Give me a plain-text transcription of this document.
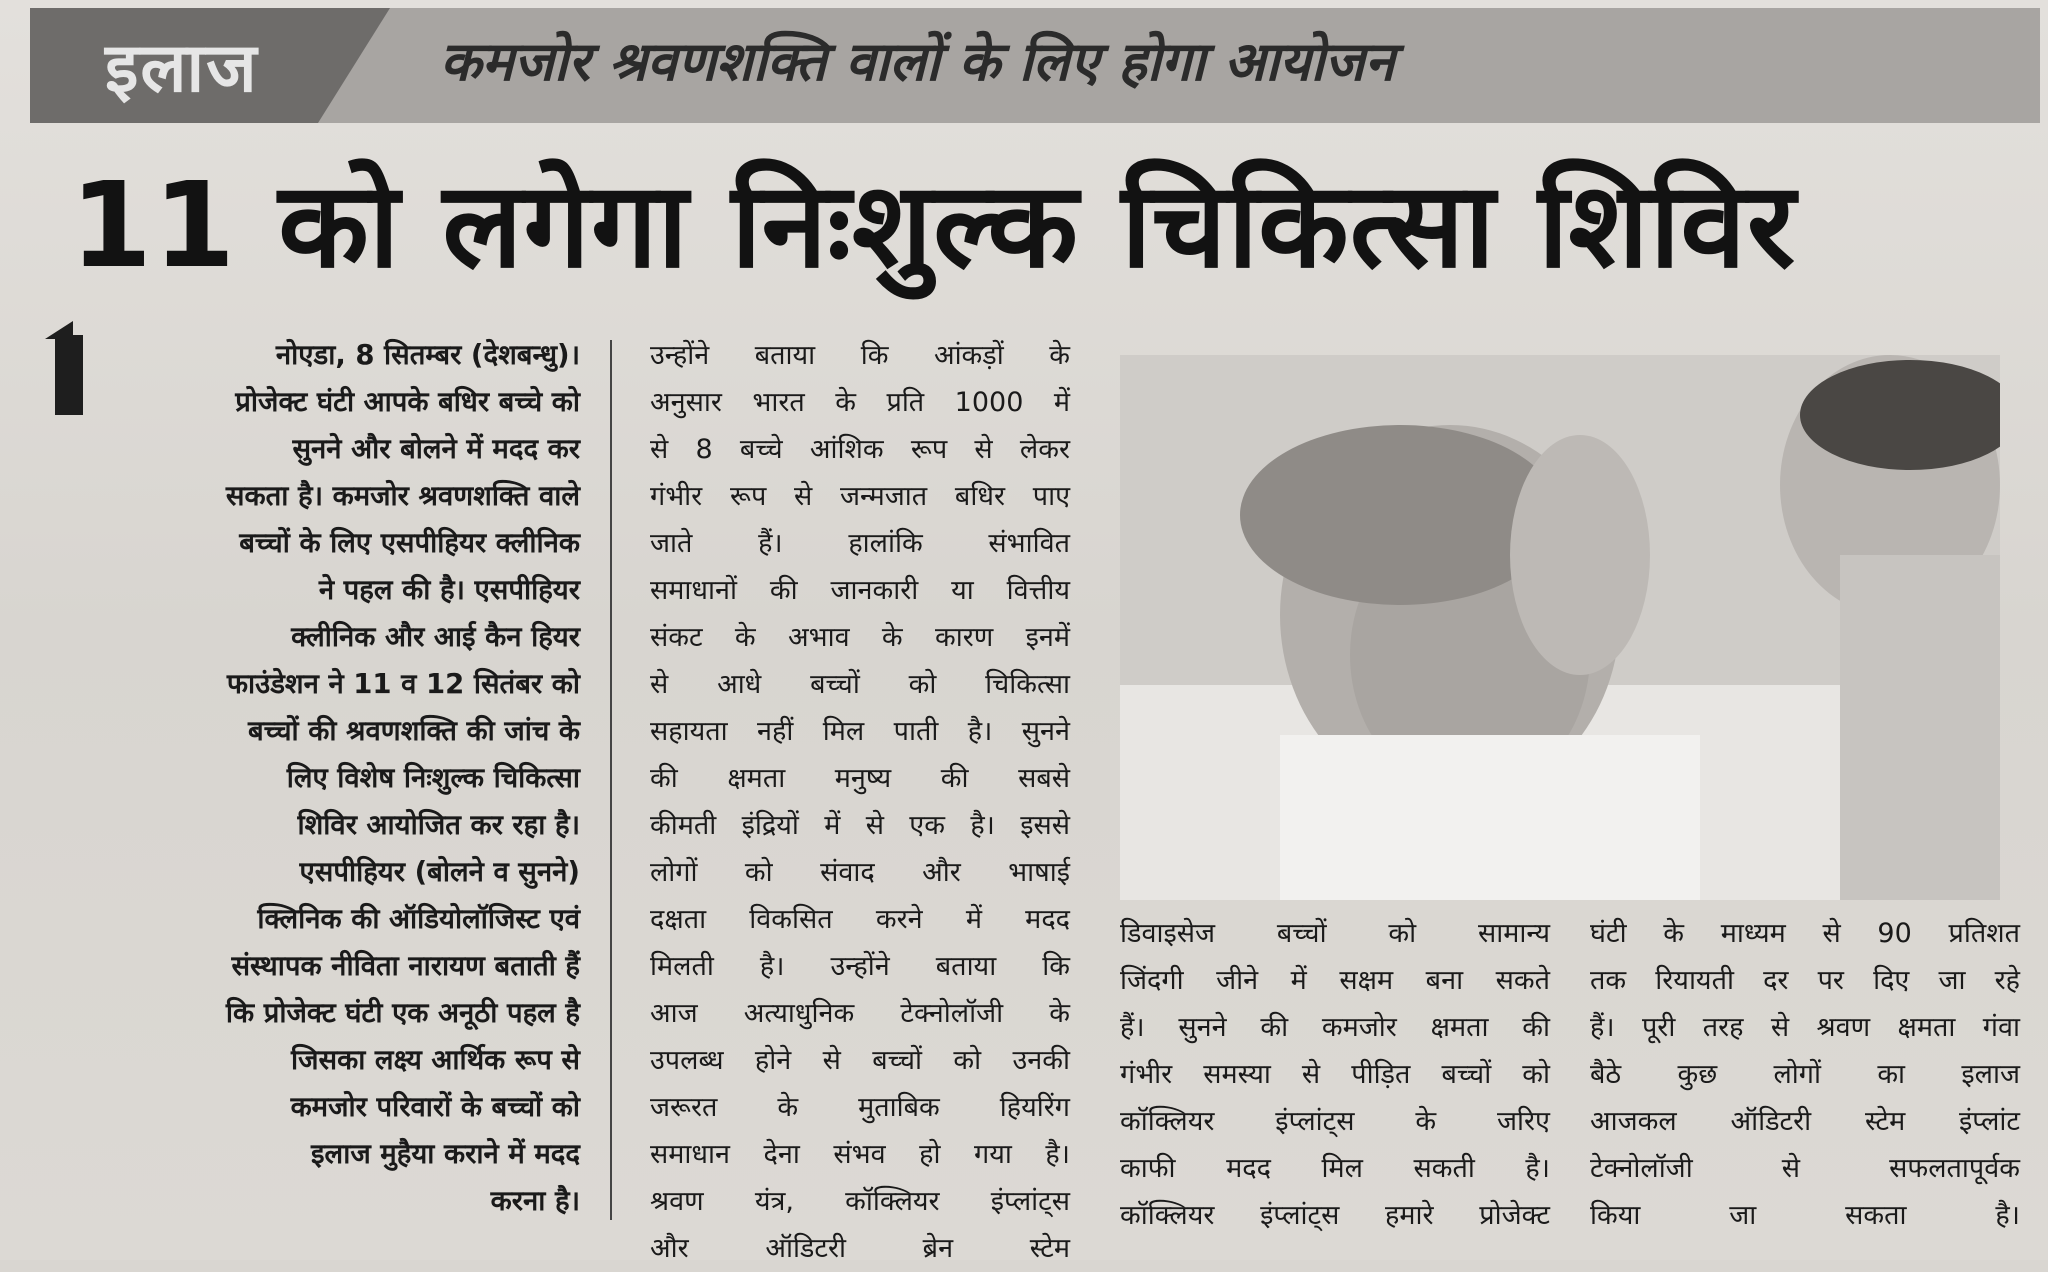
इलाज	कमजोर श्रवणशक्ति वालों के लिए होगा आयोजन
11 को लगेगा निःशुल्क चिकित्सा शिविर

नोएडा, 8 सितम्बर (देशबन्धु)।

प्रोजेक्ट घंटी आपके बधिर बच्चे को

सुनने और बोलने में मदद कर

सकता है। कमजोर श्रवणशक्ति वाले

बच्चों के लिए एसपीहियर क्लीनिक

ने पहल की है। एसपीहियर

क्लीनिक और आई कैन हियर

फाउंडेशन ने 11 व 12 सितंबर को

बच्चों की श्रवणशक्ति की जांच के

लिए विशेष निःशुल्क चिकित्सा

शिविर आयोजित कर रहा है।

एसपीहियर (बोलने व सुनने)

क्लिनिक की ऑडियोलॉजिस्ट एवं

संस्थापक नीविता नारायण बताती हैं

कि प्रोजेक्ट घंटी एक अनूठी पहल है

जिसका लक्ष्य आर्थिक रूप से

कमजोर परिवारों के बच्चों को

इलाज मुहैया कराने में मदद

करना है।

उन्होंने बताया कि आंकड़ों के

अनुसार भारत के प्रति 1000 में

से 8 बच्चे आंशिक रूप से लेकर

गंभीर रूप से जन्मजात बधिर पाए

जाते हैं। हालांकि संभावित

समाधानों की जानकारी या वित्तीय

संकट के अभाव के कारण इनमें

से आधे बच्चों को चिकित्सा

सहायता नहीं मिल पाती है। सुनने

की क्षमता मनुष्य की सबसे

कीमती इंद्रियों में से एक है। इससे

लोगों को संवाद और भाषाई

दक्षता विकसित करने में मदद

मिलती है। उन्होंने बताया कि

आज अत्याधुनिक टेक्नोलॉजी के

उपलब्ध होने से बच्चों को उनकी

जरूरत के मुताबिक हियरिंग

समाधान देना संभव हो गया है।

श्रवण यंत्र, कॉक्लियर इंप्लांट्स

और ऑडिटरी ब्रेन स्टेम

डिवाइसेज बच्चों को सामान्य

जिंदगी जीने में सक्षम बना सकते

हैं। सुनने की कमजोर क्षमता की

गंभीर समस्या से पीड़ित बच्चों को

कॉक्लियर इंप्लांट्स के जरिए

काफी मदद मिल सकती है।

कॉक्लियर इंप्लांट्स हमारे प्रोजेक्ट

घंटी के माध्यम से 90 प्रतिशत

तक रियायती दर पर दिए जा रहे

हैं। पूरी तरह से श्रवण क्षमता गंवा

बैठे कुछ लोगों का इलाज

आजकल ऑडिटरी स्टेम इंप्लांट

टेक्नोलॉजी से सफलतापूर्वक

किया जा सकता है।
